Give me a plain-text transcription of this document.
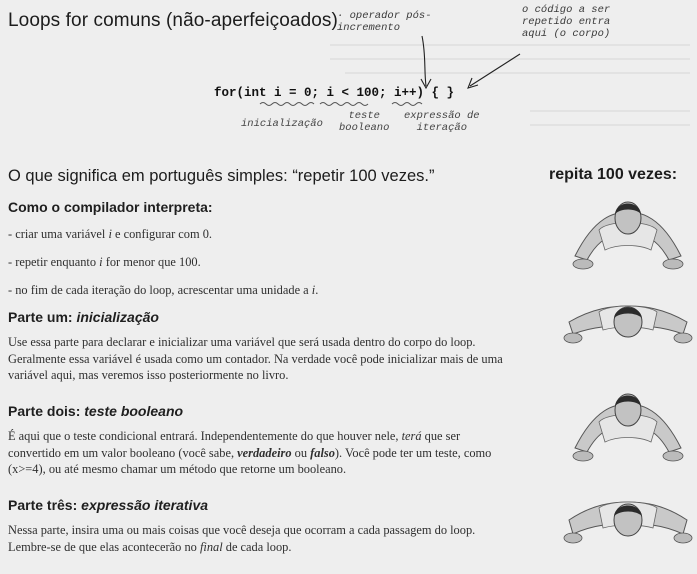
Loops for comuns (não-aperfeiçoados) · operador pós-
incremento
o código a ser
repetido entra
aqui (o corpo)
for(int i = 0; i < 100; i++) { }
inicialização
teste
booleano
expressão de
iteração
O que significa em português simples: “repetir 100 vezes.”	repita 100 vezes:
Como o compilador interpreta:
- criar uma variável i e configurar com 0.
- repetir enquanto i for menor que 100.
- no fim de cada iteração do loop, acrescentar uma unidade a i.
Parte um: inicialização
Use essa parte para declarar e inicializar uma variável que será usada dentro do corpo do loop. Geralmente essa variável é usada como um contador. Na verdade você pode inicializar mais de uma variável aqui, mas veremos isso posteriormente no livro.
Parte dois: teste booleano
É aqui que o teste condicional entrará. Independentemente do que houver nele, terá que ser convertido em um valor booleano (você sabe, verdadeiro ou falso). Você pode ter um teste, como (x>=4), ou até mesmo chamar um método que retorne um booleano.
Parte três: expressão iterativa
Nessa parte, insira uma ou mais coisas que você deseja que ocorram a cada passagem do loop. Lembre-se de que elas acontecerão no final de cada loop.
